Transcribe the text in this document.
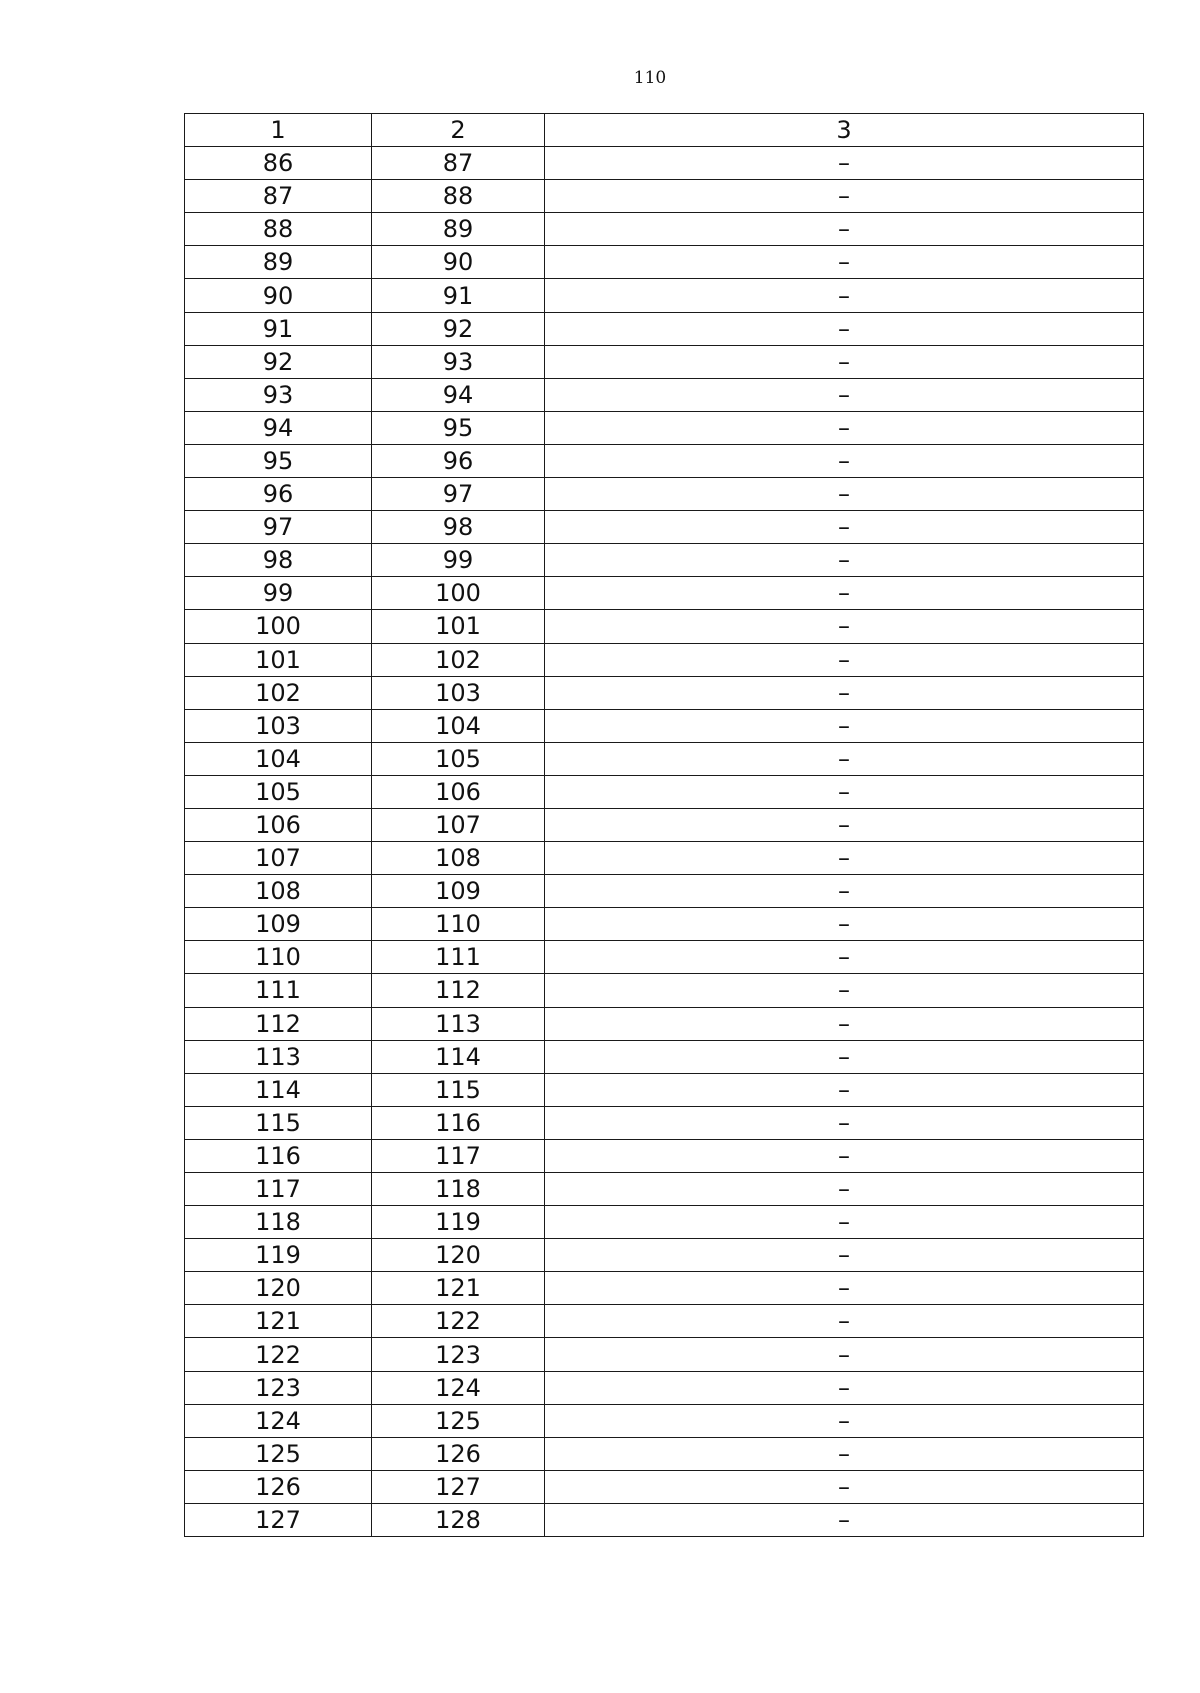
110
1	2	3
86	87	–
87	88	–
88	89	–
89	90	–
90	91	–
91	92	–
92	93	–
93	94	–
94	95	–
95	96	–
96	97	–
97	98	–
98	99	–
99	100	–
100	101	–
101	102	–
102	103	–
103	104	–
104	105	–
105	106	–
106	107	–
107	108	–
108	109	–
109	110	–
110	111	–
111	112	–
112	113	–
113	114	–
114	115	–
115	116	–
116	117	–
117	118	–
118	119	–
119	120	–
120	121	–
121	122	–
122	123	–
123	124	–
124	125	–
125	126	–
126	127	–
127	128	–
